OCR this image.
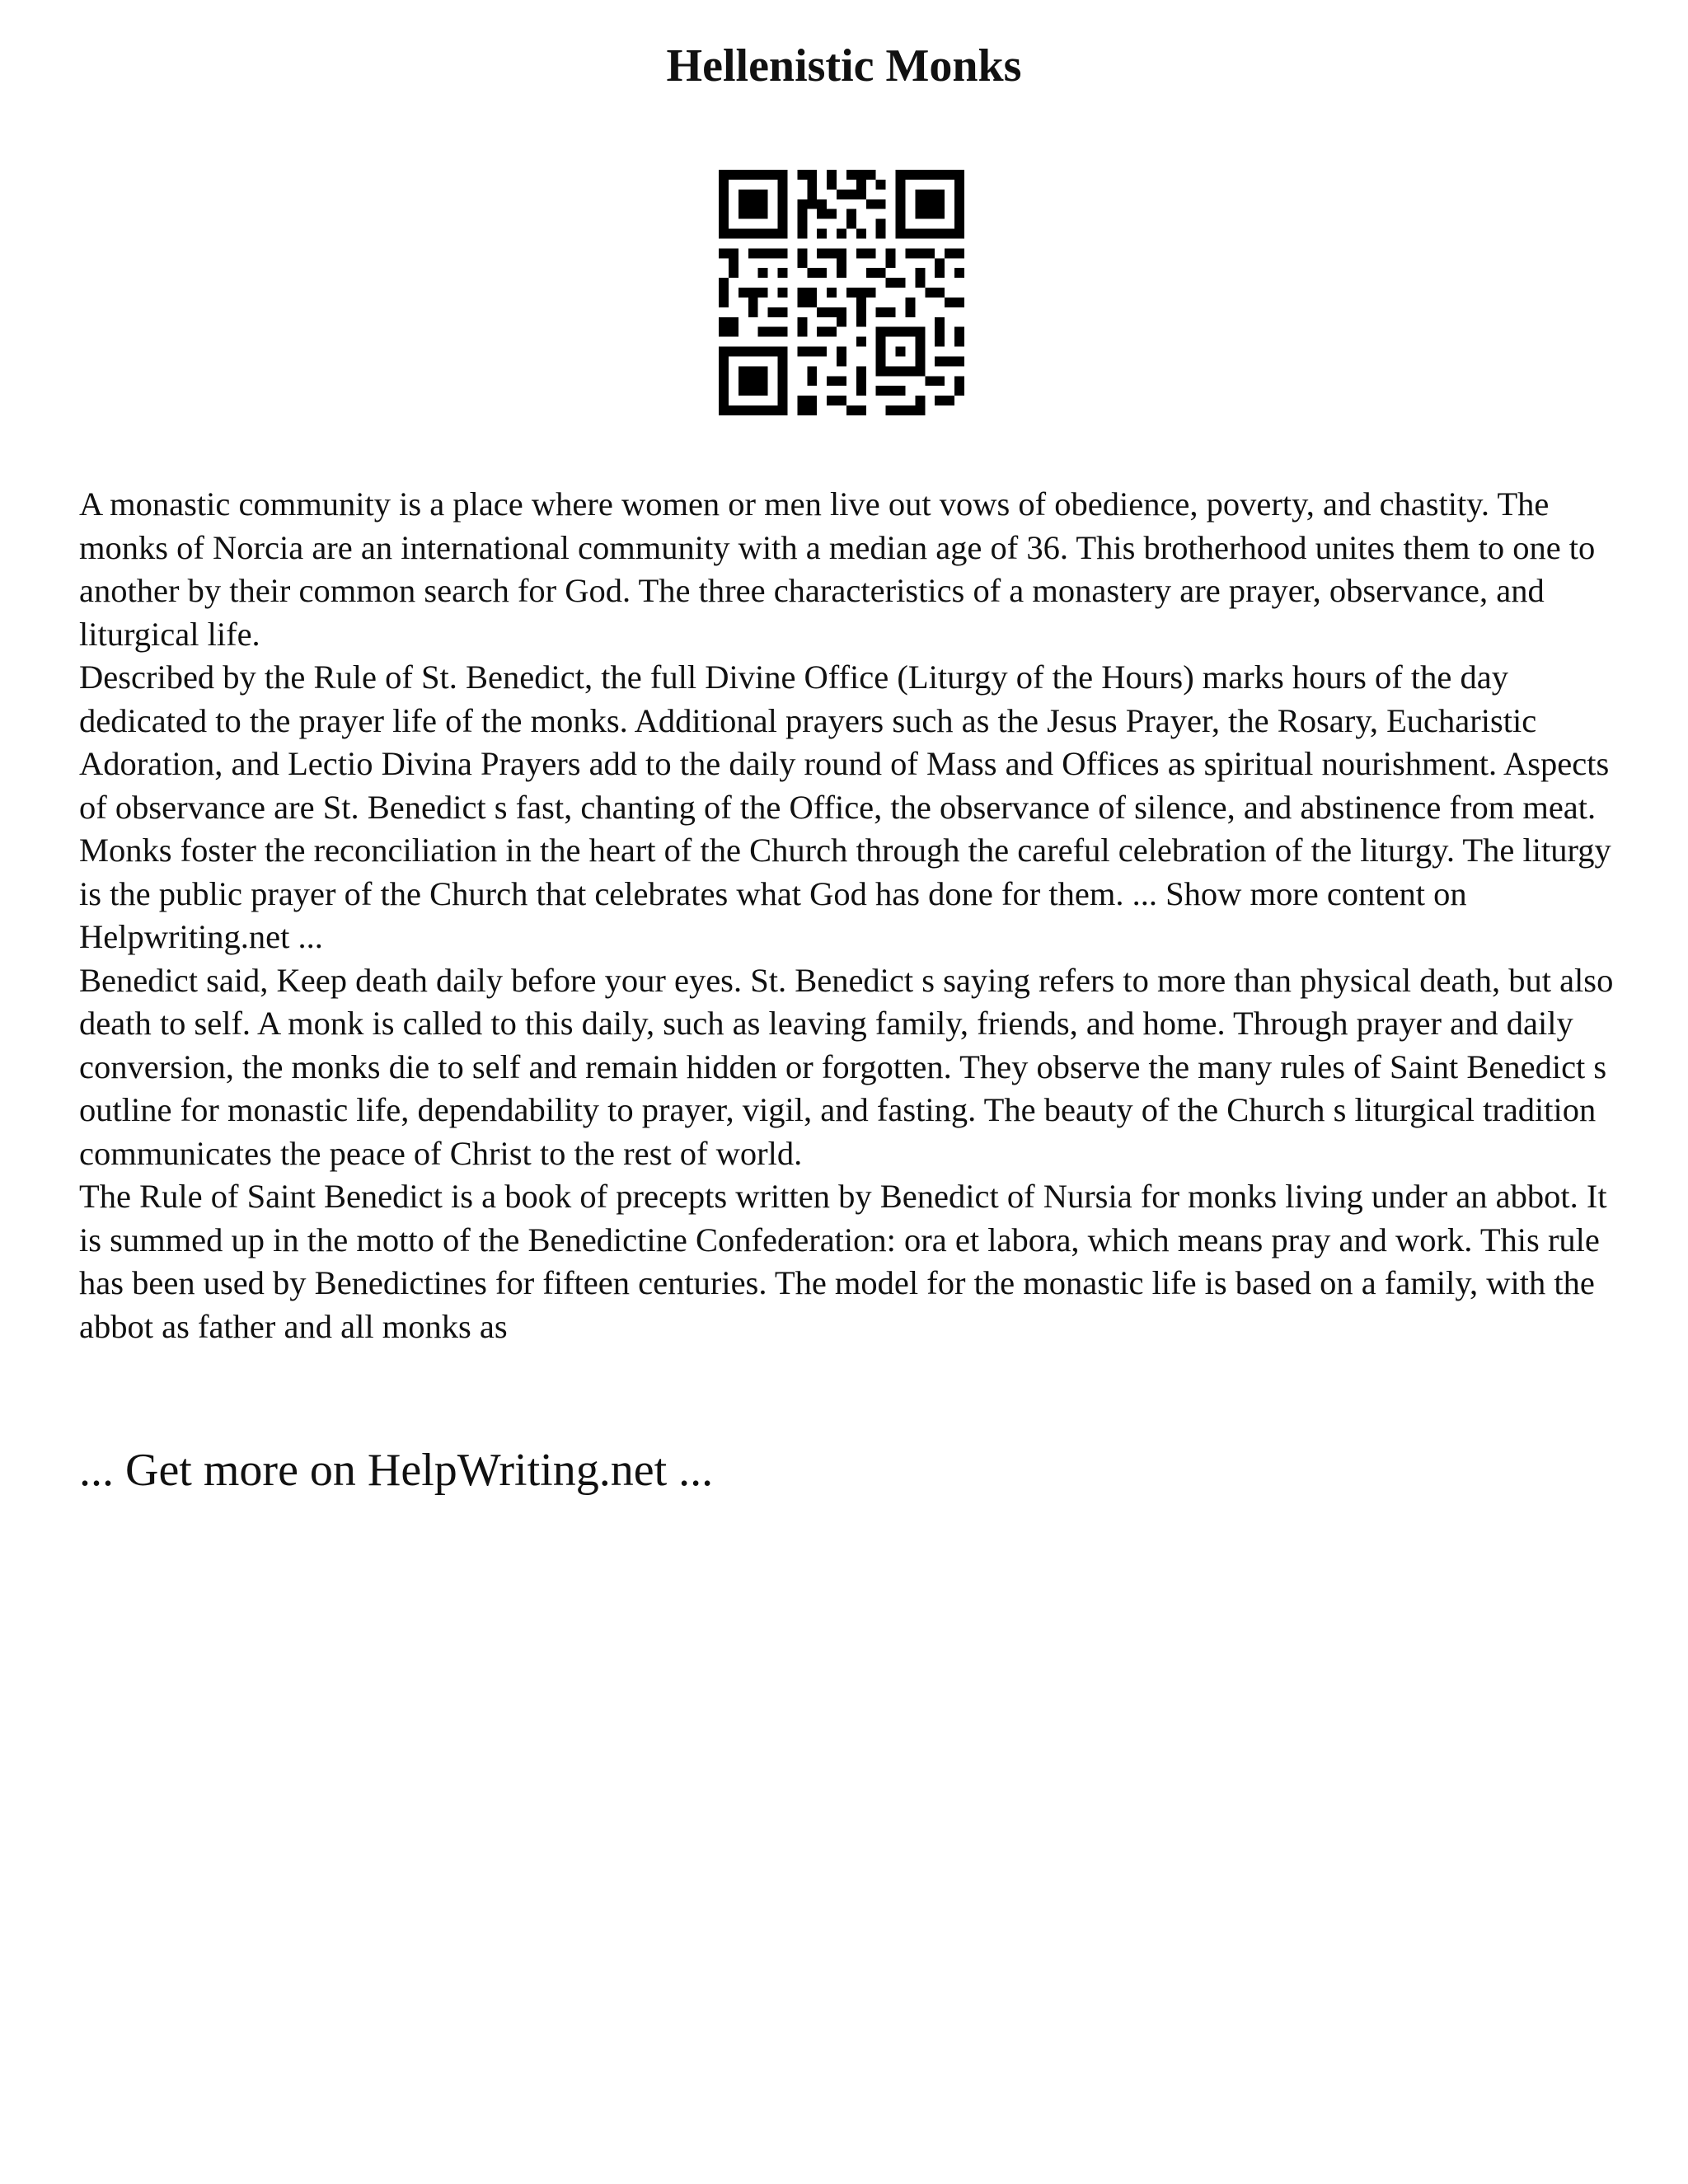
Hellenistic Monks

A monastic community is a place where women or men live out vows of obedience, poverty, and chastity. The monks of Norcia are an international community with a median age of 36. This brotherhood unites them to one to another by their common search for God. The three characteristics of a monastery are prayer, observance, and liturgical life.

Described by the Rule of St. Benedict, the full Divine Office (Liturgy of the Hours) marks hours of the day dedicated to the prayer life of the monks. Additional prayers such as the Jesus Prayer, the Rosary, Eucharistic Adoration, and Lectio Divina Prayers add to the daily round of Mass and Offices as spiritual nourishment. Aspects of observance are St. Benedict s fast, chanting of the Office, the observance of silence, and abstinence from meat. Monks foster the reconciliation in the heart of the Church through the careful celebration of the liturgy. The liturgy is the public prayer of the Church that celebrates what God has done for them. ... Show more content on Helpwriting.net ...

Benedict said, Keep death daily before your eyes. St. Benedict s saying refers to more than physical death, but also death to self. A monk is called to this daily, such as leaving family, friends, and home. Through prayer and daily conversion, the monks die to self and remain hidden or forgotten. They observe the many rules of Saint Benedict s outline for monastic life, dependability to prayer, vigil, and fasting. The beauty of the Church s liturgical tradition communicates the peace of Christ to the rest of world.

The Rule of Saint Benedict is a book of precepts written by Benedict of Nursia for monks living under an abbot. It is summed up in the motto of the Benedictine Confederation: ora et labora, which means pray and work. This rule has been used by Benedictines for fifteen centuries. The model for the monastic life is based on a family, with the abbot as father and all monks as

... Get more on HelpWriting.net ...
